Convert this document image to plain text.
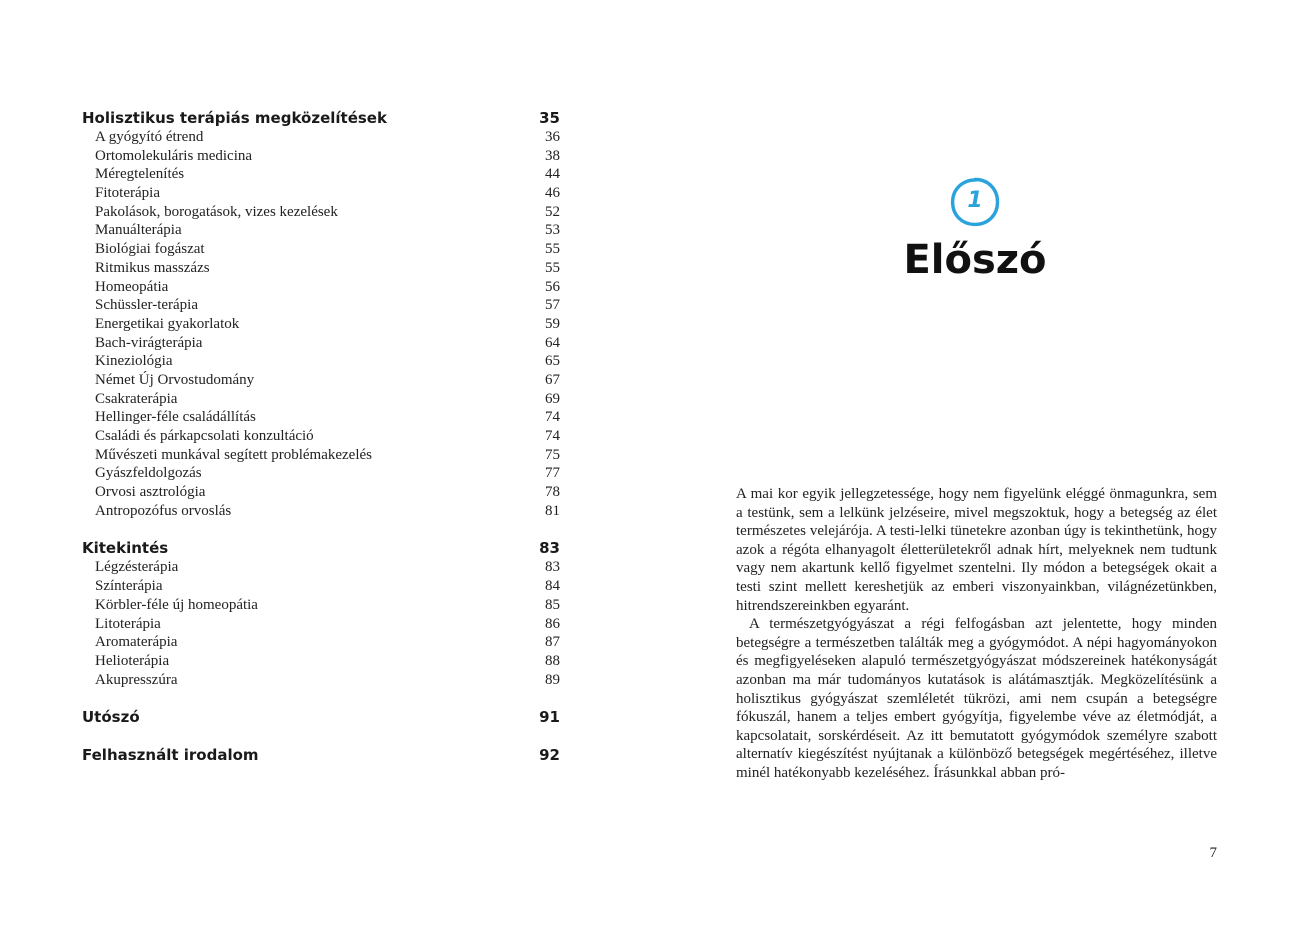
Holisztikus terápiás megközelítések	35
A gyógyító étrend	36
Ortomolekuláris medicina	38
Méregtelenítés	44
Fitoterápia	46
Pakolások, borogatások, vizes kezelések	52
Manuálterápia	53
Biológiai fogászat	55
Ritmikus masszázs	55
Homeopátia	56
Schüssler-terápia	57
Energetikai gyakorlatok	59
Bach-virágterápia	64
Kineziológia	65
Német Új Orvostudomány	67
Csakraterápia	69
Hellinger-féle családállítás	74
Családi és párkapcsolati konzultáció	74
Művészeti munkával segített problémakezelés	75
Gyászfeldolgozás	77
Orvosi asztrológia	78
Antropozófus orvoslás	81
Kitekintés	83
Légzésterápia	83
Színterápia	84
Körbler-féle új homeopátia	85
Litoterápia	86
Aromaterápia	87
Helioterápia	88
Akupresszúra	89
Utószó	91
Felhasznált irodalom	92
1
Előszó

A mai kor egyik jellegzetessége, hogy nem figyelünk eléggé önmagunkra, sem a testünk, sem a lelkünk jelzéseire, mivel megszoktuk, hogy a betegség az élet természetes velejárója. A testi-lelki tünetekre azonban úgy is tekinthetünk, hogy azok a régóta elhanyagolt életterületekről adnak hírt, melyeknek nem tudtunk vagy nem akartunk kellő figyelmet szentelni. Ily módon a betegségek okait a testi szint mellett kereshetjük az emberi viszonyainkban, világnézetünkben, hitrendszereinkben egyaránt.

A természetgyógyászat a régi felfogásban azt jelentette, hogy minden betegségre a természetben találták meg a gyógymódot. A népi hagyományokon és megfigyeléseken alapuló természetgyógyászat módszereinek hatékonyságát azonban ma már tudományos kutatások is alátámasztják. Megközelítésünk a holisztikus gyógyászat szemléletét tükrözi, ami nem csupán a betegségre fókuszál, hanem a teljes embert gyógyítja, figyelembe véve az életmódját, a kapcsolatait, sorskérdéseit. Az itt bemutatott gyógymódok személyre szabott alternatív kiegészítést nyújtanak a különböző betegségek megértéséhez, illetve minél hatékonyabb kezeléséhez. Írásunkkal abban pró-

7
